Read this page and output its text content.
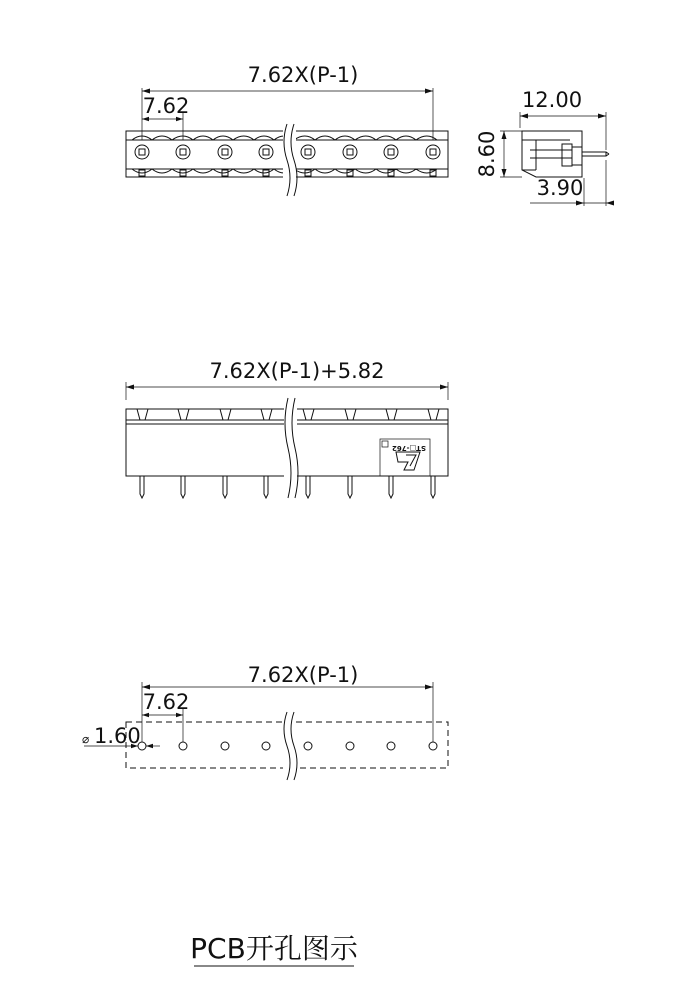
7.62X(P-1)
7.62	12.00
8.60
3.90
7.62X(P-1)+5.82
ST□-762
7.62X(P-1)
7.62
⌀ 1.60
PCB开孔图示
